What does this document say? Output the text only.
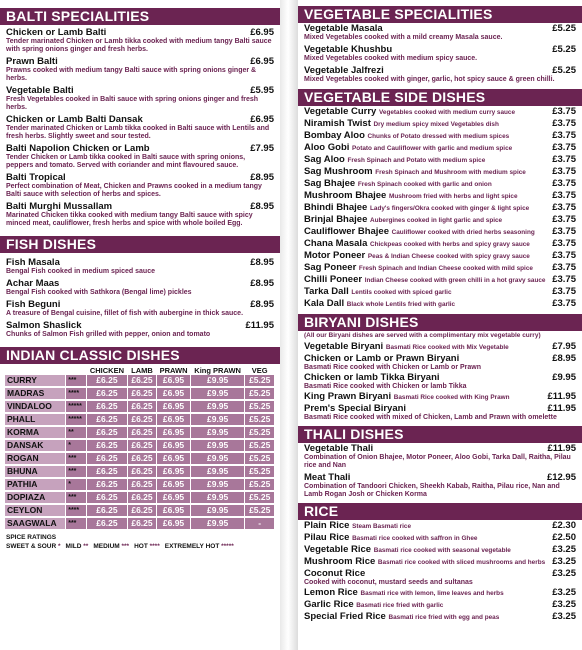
BALTI SPECIALITIES
Chicken or Lamb Balti	£6.95
Tender marinated Chicken or Lamb tikka cooked with medium tangy Balti sauce with spring onions ginger and fresh herbs.
Prawn Balti	£6.95
Prawns cooked with medium tangy Balti sauce with spring onions ginger & herbs.
Vegetable Balti	£5.95
Fresh Vegetables cooked in Balti sauce with spring onions ginger and fresh herbs.
Chicken or Lamb Balti Dansak	£6.95
Tender marinated Chicken or Lamb tikka cooked in Balti sauce with Lentils and fresh herbs. Slightly sweet and sour tested.
Balti Napolion Chicken or Lamb	£7.95
Tender Chicken or Lamb tikka cooked in Balti sauce with spring onions, peppers and tomato. Served with coriander and mint flavoured sauce.
Balti Tropical	£8.95
Perfect combination of Meat, Chicken and Prawns cooked in a medium tangy Balti sauce with selection of herbs and spices.
Balti Murghi Mussallam	£8.95
Marinated Chicken tikka cooked with medium tangy Balti sauce with spicy minced meat, cauliflower, fresh herbs and spice with whole boiled Egg.
FISH DISHES
Fish Masala	£8.95
Bengal Fish cooked in medium spiced sauce
Achar Maas	£8.95
Bengal Fish cooked with Sathkora (Bengal lime) pickles
Fish Beguni	£8.95
A treasure of Bengal cuisine, fillet of fish with aubergine in thick sauce.
Salmon Shaslick	£11.95
Chunks of Salmon Fish grilled with pepper, onion and tomato
INDIAN CLASSIC DISHES
		CHICKEN	LAMB	PRAWN	King PRAWN	VEG
CURRY	***	£6.25	£6.25	£6.95	£9.95	£5.25
MADRAS	****	£6.25	£6.25	£6.95	£9.95	£5.25
VINDALOO	*****	£6.25	£6.25	£6.95	£9.95	£5.25
PHALL	*****	£6.25	£6.25	£6.95	£9.95	£5.25
KORMA	**	£6.25	£6.25	£6.95	£9.95	£5.25
DANSAK	*	£6.25	£6.25	£6.95	£9.95	£5.25
ROGAN	***	£6.25	£6.25	£6.95	£9.95	£5.25
BHUNA	***	£6.25	£6.25	£6.95	£9.95	£5.25
PATHIA	*	£6.25	£6.25	£6.95	£9.95	£5.25
DOPIAZA	***	£6.25	£6.25	£6.95	£9.95	£5.25
CEYLON	****	£6.25	£6.25	£6.95	£9.95	£5.25
SAAGWALA	***	£6.25	£6.25	£6.95	£9.95	-
SPICE RATINGS
SWEET & SOUR * MILD ** MEDIUM *** HOT **** EXTREMELY HOT *****
VEGETABLE SPECIALITIES
Vegetable Masala	£5.25
Mixed Vegetables cooked with a mild creamy Masala sauce.
Vegetable Khushbu	£5.25
Mixed Vegetables cooked with medium spicy sauce.
Vegetable Jalfrezi	£5.25
Mixed Vegetables cooked with ginger, garlic, hot spicy sauce & green chilli.
VEGETABLE SIDE DISHES
Vegetable Curry Vegetables cooked with medium curry sauce	£3.75
Niramish Twist Dry medium spicy mixed Vegetables dish	£3.75
Bombay Aloo Chunks of Potato dressed with medium spices	£3.75
Aloo Gobi Potato and Cauliflower with garlic and medium spice	£3.75
Sag Aloo Fresh Spinach and Potato with medium spice	£3.75
Sag Mushroom Fresh Spinach and Mushroom with medium spice	£3.75
Sag Bhajee Fresh Spinach cooked with garlic and onion	£3.75
Mushroom Bhajee Mushroom fried with herbs and light spice	£3.75
Bhindi Bhajee Lady's fingers/Okra cooked with ginger & light spice	£3.75
Brinjal Bhajee Aubergines cooked in light garlic and spice	£3.75
Cauliflower Bhajee Cauliflower cooked with dried herbs seasoning	£3.75
Chana Masala Chickpeas cooked with herbs and spicy gravy sauce	£3.75
Motor Poneer Peas & Indian Cheese cooked with spicy gravy sauce	£3.75
Sag Poneer Fresh Spinach and Indian Cheese cooked with mild spice	£3.75
Chilli Poneer Indian Cheese cooked with green chilli in a hot gravy sauce £3.75
Tarka Dall Lentils cooked with spiced garlic	£3.75
Kala Dall Black whole Lentils fried with garlic	£3.75
BIRYANI DISHES
(All our Biryani dishes are served with a complimentary mix vegetable curry)
Vegetable Biryani Basmati Rice cooked with Mix Vegetable	£7.95
Chicken or Lamb or Prawn Biryani	£8.95
Basmati Rice cooked with Chicken or Lamb or Prawn
Chicken or lamb Tikka Biryani	£9.95
Basmati Rice cooked with Chicken or lamb Tikka
King Prawn Biryani Basmati Rice cooked with King Prawn	£11.95
Prem's Special Biryani	£11.95
Basmati Rice cooked with mixed of Chicken, Lamb and Prawn with omelette
THALI DISHES
Vegetable Thali	£11.95
Combination of Onion Bhajee, Motor Poneer, Aloo Gobi, Tarka Dall, Raitha, Pilau rice and Nan
Meat Thali	£12.95
Combination of Tandoori Chicken, Sheekh Kabab, Raitha, Pilau rice, Nan and Lamb Rogan Josh or Chicken Korma
RICE
Plain Rice Steam Basmati rice	£2.30
Pilau Rice Basmati rice cooked with saffron in Ghee	£2.50
Vegetable Rice Basmati rice cooked with seasonal vegetable	£3.25
Mushroom Rice Basmati rice cooked with sliced mushrooms and herbs £3.25
Coconut Rice	£3.25
Cooked with coconut, mustard seeds and sultanas
Lemon Rice Basmati rice with lemon, lime leaves and herbs	£3.25
Garlic Rice Basmati rice fried with garlic	£3.25
Special Fried Rice Basmati rice fried with egg and peas	£3.25
